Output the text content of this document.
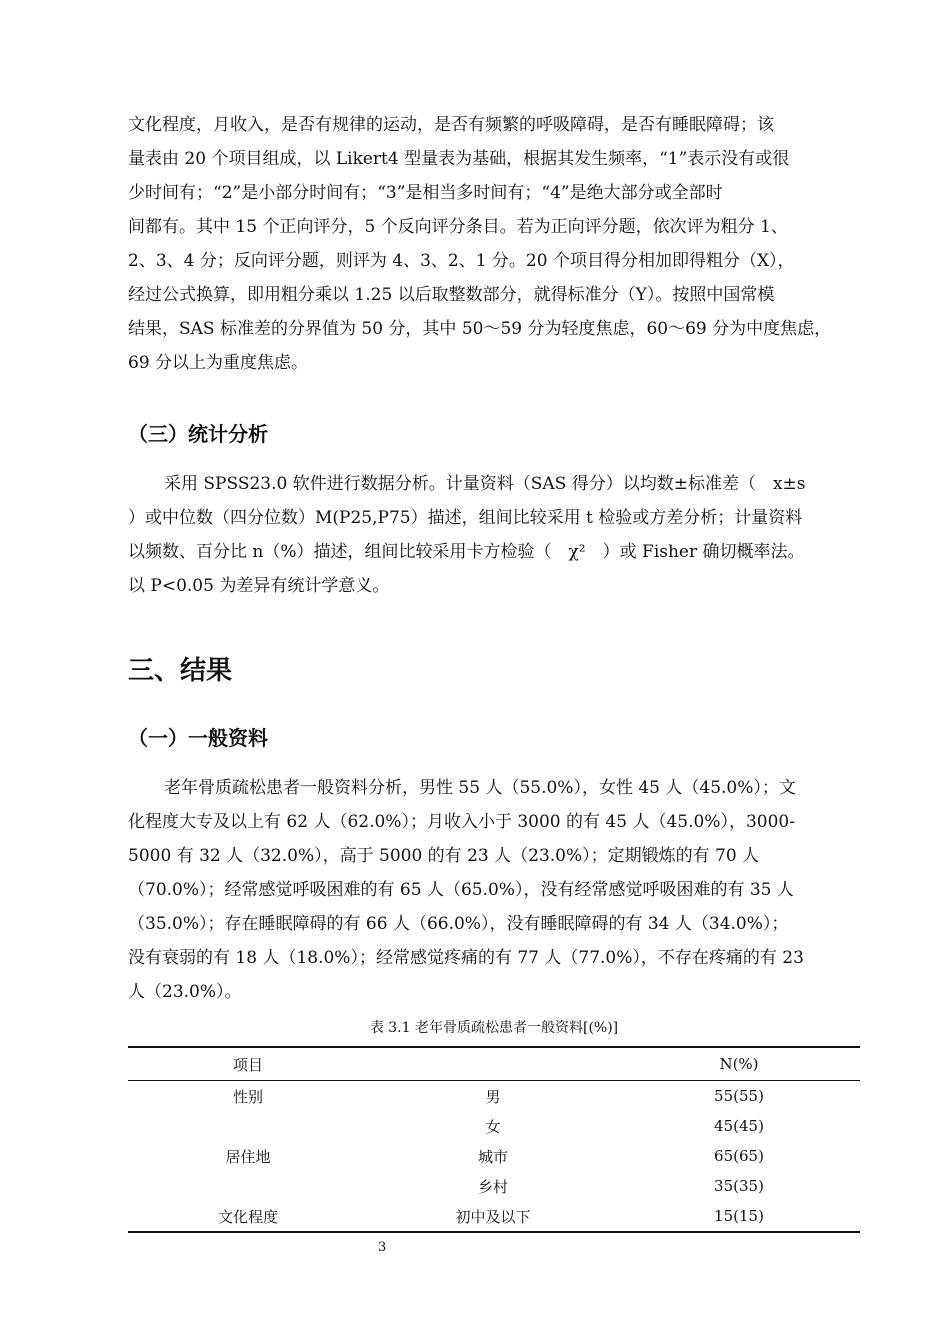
文化程度，月收入，是否有规律的运动，是否有频繁的呼吸障碍，是否有睡眠障碍；该
量表由 20 个项目组成，以 Likert4 型量表为基础，根据其发生频率，“1”表示没有或很
少时间有；“2”是小部分时间有；“3”是相当多时间有；“4”是绝大部分或全部时
间都有。其中 15 个正向评分，5 个反向评分条目。若为正向评分题，依次评为粗分 1、
2、3、4 分；反向评分题，则评为 4、3、2、1 分。20 个项目得分相加即得粗分（X），
经过公式换算，即用粗分乘以 1.25 以后取整数部分，就得标准分（Y）。按照中国常模
结果，SAS 标准差的分界值为 50 分，其中 50～59 分为轻度焦虑，60～69 分为中度焦虑，
69 分以上为重度焦虑。
（三）统计分析
采用 SPSS23.0 软件进行数据分析。计量资料（SAS 得分）以均数±标准差（　x±s
）或中位数（四分位数）M(P25,P75）描述，组间比较采用 t 检验或方差分析；计量资料
以频数、百分比 n（%）描述，组间比较采用卡方检验（　χ²　）或 Fisher 确切概率法。
以 P<0.05 为差异有统计学意义。
三、结果
（一）一般资料
老年骨质疏松患者一般资料分析，男性 55 人（55.0%），女性 45 人（45.0%）；文
化程度大专及以上有 62 人（62.0%）；月收入小于 3000 的有 45 人（45.0%），3000-
5000 有 32 人（32.0%），高于 5000 的有 23 人（23.0%）；定期锻炼的有 70 人
（70.0%）；经常感觉呼吸困难的有 65 人（65.0%），没有经常感觉呼吸困难的有 35 人
（35.0%）；存在睡眠障碍的有 66 人（66.0%），没有睡眠障碍的有 34 人（34.0%）；
没有衰弱的有 18 人（18.0%）；经常感觉疼痛的有 77 人（77.0%），不存在疼痛的有 23
人（23.0%）。

表 3.1 老年骨质疏松患者一般资料[(%)]

项目		N(%)
性别	男	55(55)
	女	45(45)
居住地	城市	65(65)
	乡村	35(35)
文化程度	初中及以下	15(15)

3
